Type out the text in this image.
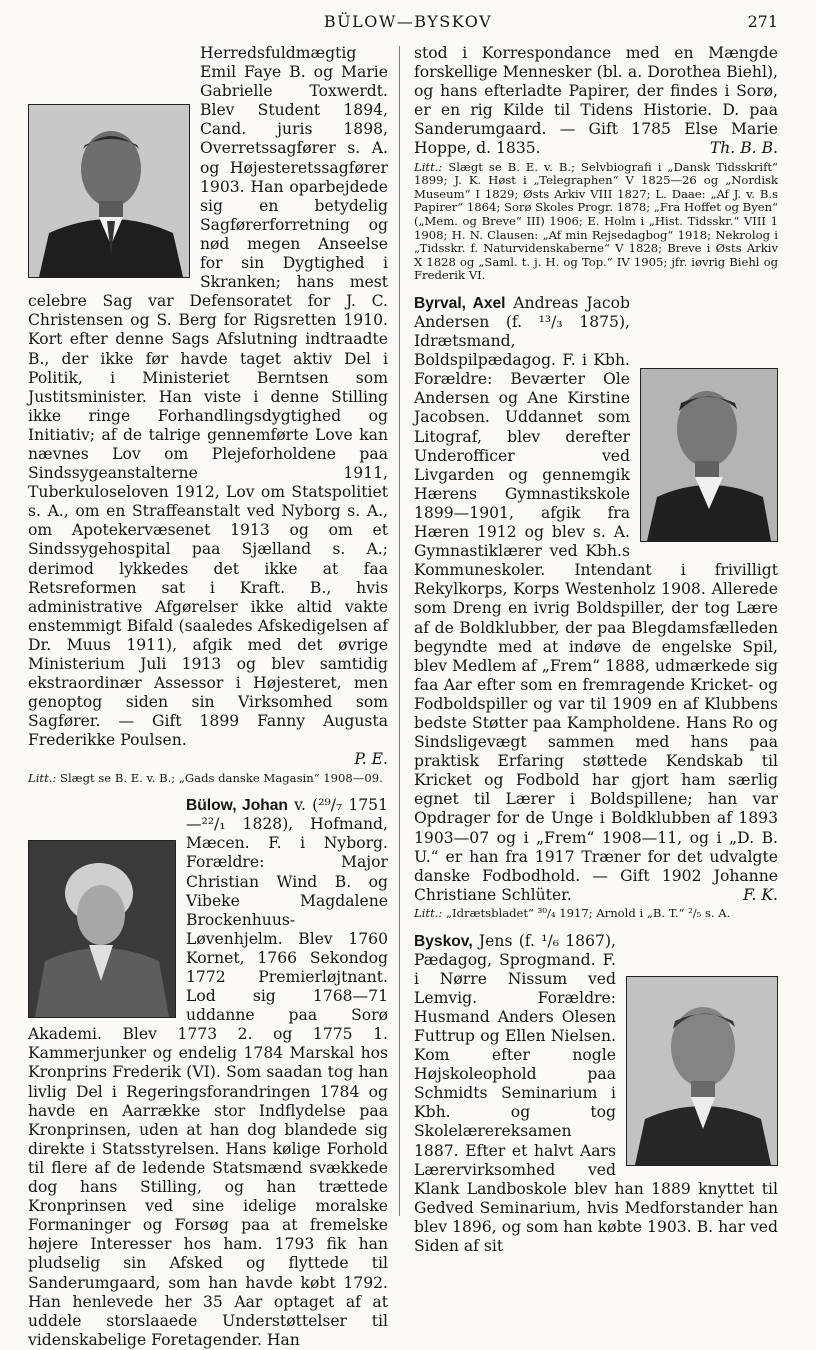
BÜLOW—BYSKOV	271

Herredsfuldmægtig Emil Faye B. og Marie Gabrielle Toxwerdt. Blev Student 1894, Cand. juris 1898, Overretssagfører s. A. og Højesteretssagfører 1903. Han oparbejdede sig en betydelig Sagførerforretning og nød megen Anseelse for sin Dygtighed i Skranken; hans mest celebre Sag var Defensoratet for J. C. Christensen og S. Berg for Rigsretten 1910. Kort efter denne Sags Afslutning indtraadte B., der ikke før havde taget aktiv Del i Politik, i Ministeriet Berntsen som Justitsminister. Han viste i denne Stilling ikke ringe Forhandlingsdygtighed og Initiativ; af de talrige gennemførte Love kan nævnes Lov om Plejeforholdene paa Sindssygeanstalterne 1911, Tuberkuloseloven 1912, Lov om Statspolitiet s. A., om en Straffeanstalt ved Nyborg s. A., om Apotekervæsenet 1913 og om et Sindssygehospital paa Sjælland s. A.; derimod lykkedes det ikke at faa Retsreformen sat i Kraft. B., hvis administrative Afgørelser ikke altid vakte enstemmigt Bifald (saaledes Afskedigelsen af Dr. Muus 1911), afgik med det øvrige Ministerium Juli 1913 og blev samtidig ekstraordinær Assessor i Højesteret, men genoptog siden sin Virksomhed som Sagfører. — Gift 1899 Fanny Augusta Frederikke Poulsen.

P. E.

Litt.: Slægt se B. E. v. B.; „Gads danske Magasin“ 1908—09.

Bülow, Johan v. (²⁹/₇ 1751—²²/₁ 1828), Hofmand, Mæcen. F. i Nyborg. Forældre: Major Christian Wind B. og Vibeke Magdalene Brockenhuus-Løvenhjelm. Blev 1760 Kornet, 1766 Sekondog 1772 Premierløjtnant. Lod sig 1768—71 uddanne paa Sorø Akademi. Blev 1773 2. og 1775 1. Kammerjunker og endelig 1784 Marskal hos Kronprins Frederik (VI). Som saadan tog han livlig Del i Regeringsforandringen 1784 og havde en Aarrække stor Indflydelse paa Kronprinsen, uden at han dog blandede sig direkte i Statsstyrelsen. Hans kølige Forhold til flere af de ledende Statsmænd svækkede dog hans Stilling, og han trættede Kronprinsen ved sine idelige moralske Formaninger og Forsøg paa at fremelske højere Interesser hos ham. 1793 fik han pludselig sin Afsked og flyttede til Sanderumgaard, som han havde købt 1792. Han henlevede her 35 Aar optaget af at uddele storslaaede Understøttelser til videnskabelige Foretagender. Han

stod i Korrespondance med en Mængde forskellige Mennesker (bl. a. Dorothea Biehl), og hans efterladte Papirer, der findes i Sorø, er en rig Kilde til Tidens Historie. D. paa Sanderumgaard. — Gift 1785 Else Marie Hoppe, d. 1835.	Th. B. B.

Litt.: Slægt se B. E. v. B.; Selvbiografi i „Dansk Tidsskrift“ 1899; J. K. Høst i „Telegraphen“ V 1825—26 og „Nordisk Museum“ I 1829; Østs Arkiv VIII 1827; L. Daae: „Af J. v. B.s Papirer“ 1864; Sorø Skoles Progr. 1878; „Fra Hoffet og Byen“ („Mem. og Breve“ III) 1906; E. Holm i „Hist. Tidsskr.“ VIII 1 1908; H. N. Clausen: „Af min Rejsedagbog“ 1918; Nekrolog i „Tidsskr. f. Naturvidenskaberne“ V 1828; Breve i Østs Arkiv X 1828 og „Saml. t. j. H. og Top.“ IV 1905; jfr. iøvrig Biehl og Frederik VI.

Byrval, Axel Andreas Jacob Andersen (f. ¹³/₃ 1875), Idrætsmand, Boldspilpædagog. F. i Kbh. Forældre: Beværter Ole Andersen og Ane Kirstine Jacobsen. Uddannet som Litograf, blev derefter Underofficer ved Livgarden og gennemgik Hærens Gymnastikskole 1899—1901, afgik fra Hæren 1912 og blev s. A. Gymnastiklærer ved Kbh.s Kommuneskoler. Intendant i frivilligt Rekylkorps, Korps Westenholz 1908. Allerede som Dreng en ivrig Boldspiller, der tog Lære af de Boldklubber, der paa Blegdamsfælleden begyndte med at indøve de engelske Spil, blev Medlem af „Frem“ 1888, udmærkede sig faa Aar efter som en fremragende Kricket- og Fodboldspiller og var til 1909 en af Klubbens bedste Støtter paa Kampholdene. Hans Ro og Sindsligevægt sammen med hans paa praktisk Erfaring støttede Kendskab til Kricket og Fodbold har gjort ham særlig egnet til Lærer i Boldspillene; han var Opdrager for de Unge i Boldklubben af 1893 1903—07 og i „Frem“ 1908—11, og i „D. B. U.“ er han fra 1917 Træner for det udvalgte danske Fodbodhold. — Gift 1902 Johanne Christiane Schlüter.	F. K.

Litt.: „Idrætsbladet“ ³⁰/₄ 1917; Arnold i „B. T.“ ²/₅ s. A.

Byskov, Jens (f. ¹/₆ 1867), Pædagog, Sprogmand. F. i Nørre Nissum ved Lemvig. Forældre: Husmand Anders Olesen Futtrup og Ellen Nielsen. Kom efter nogle Højskoleophold paa Schmidts Seminarium i Kbh. og tog Skolelærereksamen 1887. Efter et halvt Aars Lærervirksomhed ved Klank Landboskole blev han 1889 knyttet til Gedved Seminarium, hvis Medforstander han blev 1896, og som han købte 1903. B. har ved Siden af sit
